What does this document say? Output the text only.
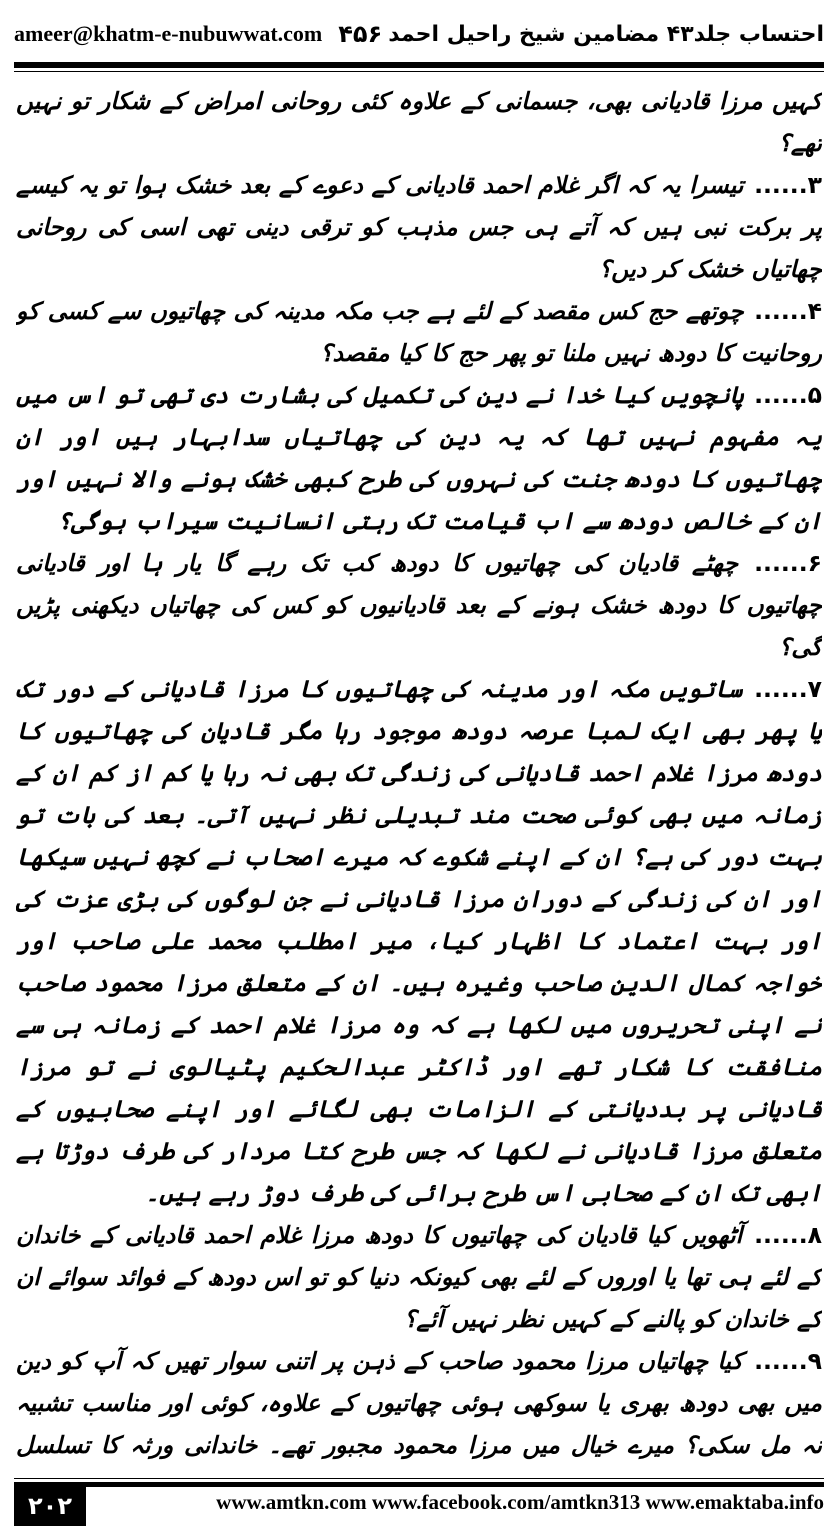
ameer@khatm-e-nubuwwat.com ۴۵۶ احتساب جلد۴۳ مضامین شیخ راحیل احمد

کہیں مرزا قادیانی بھی، جسمانی کے علاوہ کئی روحانی امراض کے شکار تو نہیں تھے؟

۳...... تیسرا یہ کہ اگر غلام احمد قادیانی کے دعوے کے بعد خشک ہوا تو یہ کیسے پر برکت نبی ہیں کہ آتے ہی جس مذہب کو ترقی دینی تھی اسی کی روحانی چھاتیاں خشک کر دیں؟

۴...... چوتھے حج کس مقصد کے لئے ہے جب مکہ مدینہ کی چھاتیوں سے کسی کو روحانیت کا دودھ نہیں ملنا تو پھر حج کا کیا مقصد؟

۵...... پانچویں کیا خدا نے دین کی تکمیل کی بشارت دی تھی تو اس میں یہ مفہوم نہیں تھا کہ یہ دین کی چھاتیاں سدابہار ہیں اور ان چھاتیوں کا دودھ جنت کی نہروں کی طرح کبھی خشک ہونے والا نہیں اور ان کے خالص دودھ سے اب قیامت تک رہتی انسانیت سیراب ہوگی؟

۶...... چھٹے قادیان کی چھاتیوں کا دودھ کب تک رہے گا یار ہا اور قادیانی چھاتیوں کا دودھ خشک ہونے کے بعد قادیانیوں کو کس کی چھاتیاں دیکھنی پڑیں گی؟

۷...... ساتویں مکہ اور مدینہ کی چھاتیوں کا مرزا قادیانی کے دور تک یا پھر بھی ایک لمبا عرصہ دودھ موجود رہا مگر قادیان کی چھاتیوں کا دودھ مرزا غلام احمد قادیانی کی زندگی تک بھی نہ رہا یا کم از کم ان کے زمانہ میں بھی کوئی صحت مند تبدیلی نظر نہیں آتی۔ بعد کی بات تو بہت دور کی ہے؟ ان کے اپنے شکوے کہ میرے اصحاب نے کچھ نہیں سیکھا اور ان کی زندگی کے دوران مرزا قادیانی نے جن لوگوں کی بڑی عزت کی اور بہت اعتماد کا اظہار کیا، میر امطلب محمد علی صاحب اور خواجہ کمال الدین صاحب وغیرہ ہیں۔ ان کے متعلق مرزا محمود صاحب نے اپنی تحریروں میں لکھا ہے کہ وہ مرزا غلام احمد کے زمانہ ہی سے منافقت کا شکار تھے اور ڈاکٹر عبدالحکیم پٹیالوی نے تو مرزا قادیانی پر بددیانتی کے الزامات بھی لگائے اور اپنے صحابیوں کے متعلق مرزا قادیانی نے لکھا کہ جس طرح کتا مردار کی طرف دوڑتا ہے ابھی تک ان کے صحابی اس طرح برائی کی طرف دوڑ رہے ہیں۔

۸...... آٹھویں کیا قادیان کی چھاتیوں کا دودھ مرزا غلام احمد قادیانی کے خاندان کے لئے ہی تھا یا اوروں کے لئے بھی کیونکہ دنیا کو تو اس دودھ کے فوائد سوائے ان کے خاندان کو پالنے کے کہیں نظر نہیں آئے؟

۹...... کیا چھاتیاں مرزا محمود صاحب کے ذہن پر اتنی سوار تھیں کہ آپ کو دین میں بھی دودھ بھری یا سوکھی ہوئی چھاتیوں کے علاوہ، کوئی اور مناسب تشبیہ نہ مل سکی؟ میرے خیال میں مرزا محمود مجبور تھے۔ خاندانی ورثہ کا تسلسل

۲۰۲	www.amtkn.com www.facebook.com/amtkn313 www.emaktaba.info
